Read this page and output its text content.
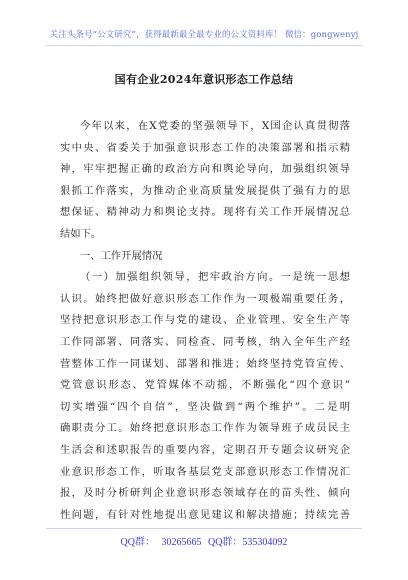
关注头条号“公文研究”，获得最新最全最专业的公文资料库！ 微信：gongwenyj
国有企业2024年意识形态工作总结
今年以来，在X党委的坚强领导下，X国企认真贯彻落
实中央、省委关于加强意识形态工作的决策部署和指示精
神，牢牢把握正确的政治方向和舆论导向，加强组织领导
狠抓工作落实，为推动企业高质量发展提供了强有力的思
想保证、精神动力和舆论支持。现将有关工作开展情况总
结如下。
一、工作开展情况
（一）加强组织领导，把牢政治方向。一是统一思想
认识。始终把做好意识形态工作作为一项极端重要任务，
坚持把意识形态工作与党的建设、企业管理、安全生产等
工作同部署、同落实、同检查、同考核，纳入全年生产经
营整体工作一同谋划、部署和推进；始终坚持党管宣传、
党管意识形态、党管媒体不动摇，不断强化“四个意识”
切实增强“四个自信”，坚决做到“两个维护”。二是明
确职责分工。始终把意识形态工作作为领导班子成员民主
生活会和述职报告的重要内容，定期召开专题会议研究企
业意识形态工作，听取各基层党支部意识形态工作情况汇
报，及时分析研判企业意识形态领域存在的苗头性、倾向
性问题，有针对性地提出意见建议和解决措施；持续完善
QQ群： 30265665 QQ群：535304092
